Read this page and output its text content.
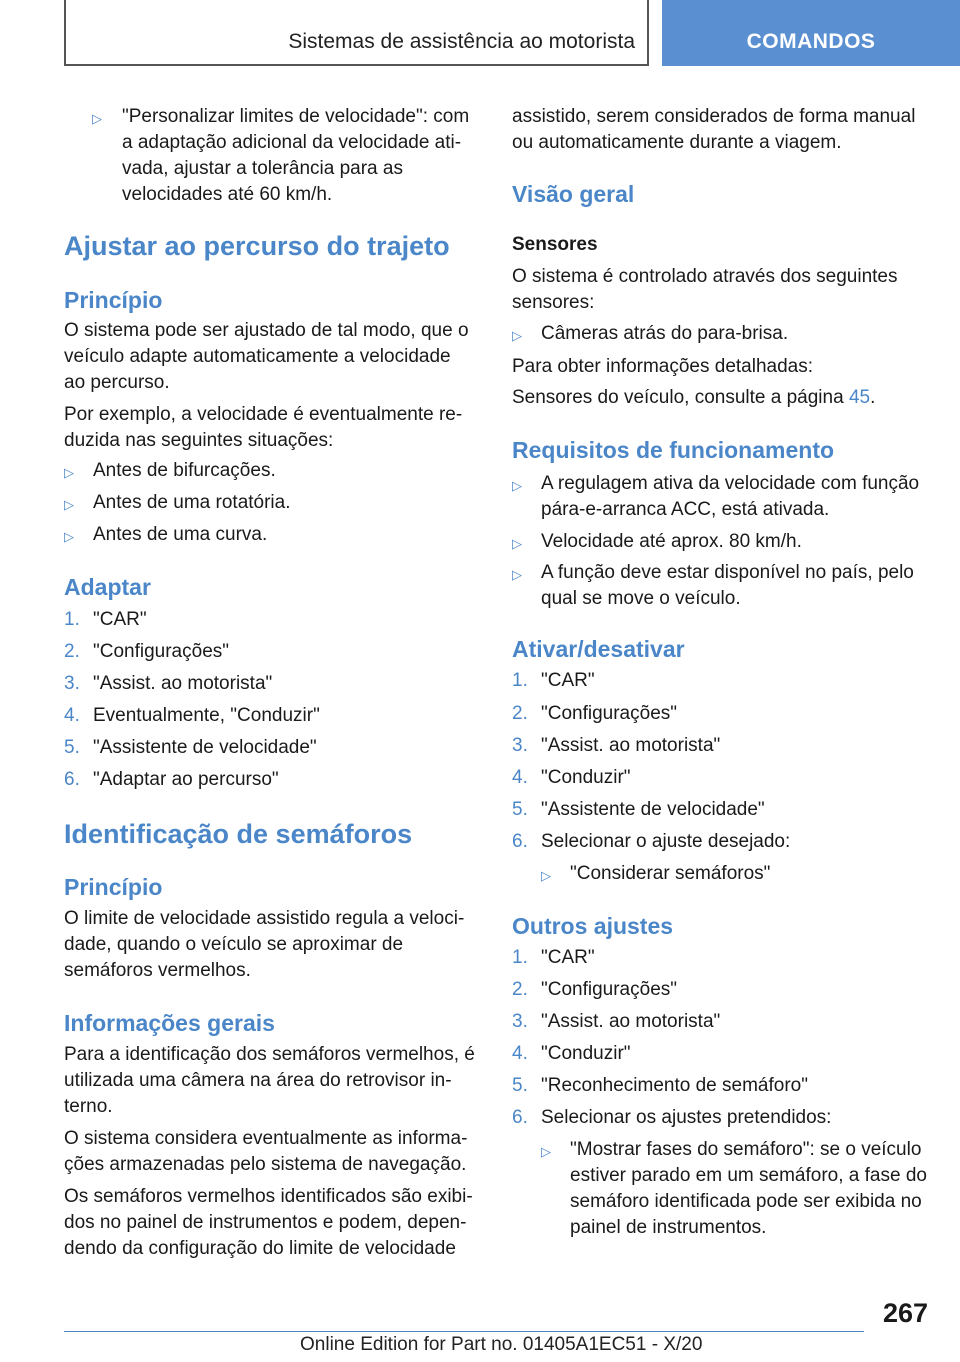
Sistemas de assistência ao motorista	COMANDOS
▷ "Personalizar limites de velocidade": com a adaptação adicional da velocidade ativada, ajustar a tolerância para as velocidades até 60 km/h.
Ajustar ao percurso do trajeto
Princípio
O sistema pode ser ajustado de tal modo, que o veículo adapte automaticamente a velocidade ao percurso.
Por exemplo, a velocidade é eventualmente reduzida nas seguintes situações:
▷ Antes de bifurcações.
▷ Antes de uma rotatória.
▷ Antes de uma curva.
Adaptar
1. "CAR"
2. "Configurações"
3. "Assist. ao motorista"
4. Eventualmente, "Conduzir"
5. "Assistente de velocidade"
6. "Adaptar ao percurso"
Identificação de semáforos
Princípio
O limite de velocidade assistido regula a velocidade, quando o veículo se aproximar de semáforos vermelhos.
Informações gerais
Para a identificação dos semáforos vermelhos, é utilizada uma câmera na área do retrovisor interno.
O sistema considera eventualmente as informações armazenadas pelo sistema de navegação.
Os semáforos vermelhos identificados são exibidos no painel de instrumentos e podem, dependendo da configuração do limite de velocidade
assistido, serem considerados de forma manual ou automaticamente durante a viagem.
Visão geral
Sensores
O sistema é controlado através dos seguintes sensores:
▷ Câmeras atrás do para-brisa.
Para obter informações detalhadas:
Sensores do veículo, consulte a página 45.
Requisitos de funcionamento
▷ A regulagem ativa da velocidade com função pára-e-arranca ACC, está ativada.
▷ Velocidade até aprox. 80 km/h.
▷ A função deve estar disponível no país, pelo qual se move o veículo.
Ativar/desativar
1. "CAR"
2. "Configurações"
3. "Assist. ao motorista"
4. "Conduzir"
5. "Assistente de velocidade"
6. Selecionar o ajuste desejado:
▷ "Considerar semáforos"
Outros ajustes
1. "CAR"
2. "Configurações"
3. "Assist. ao motorista"
4. "Conduzir"
5. "Reconhecimento de semáforo"
6. Selecionar os ajustes pretendidos:
▷ "Mostrar fases do semáforo": se o veículo estiver parado em um semáforo, a fase do semáforo identificada pode ser exibida no painel de instrumentos.
267
Online Edition for Part no. 01405A1EC51 - X/20
